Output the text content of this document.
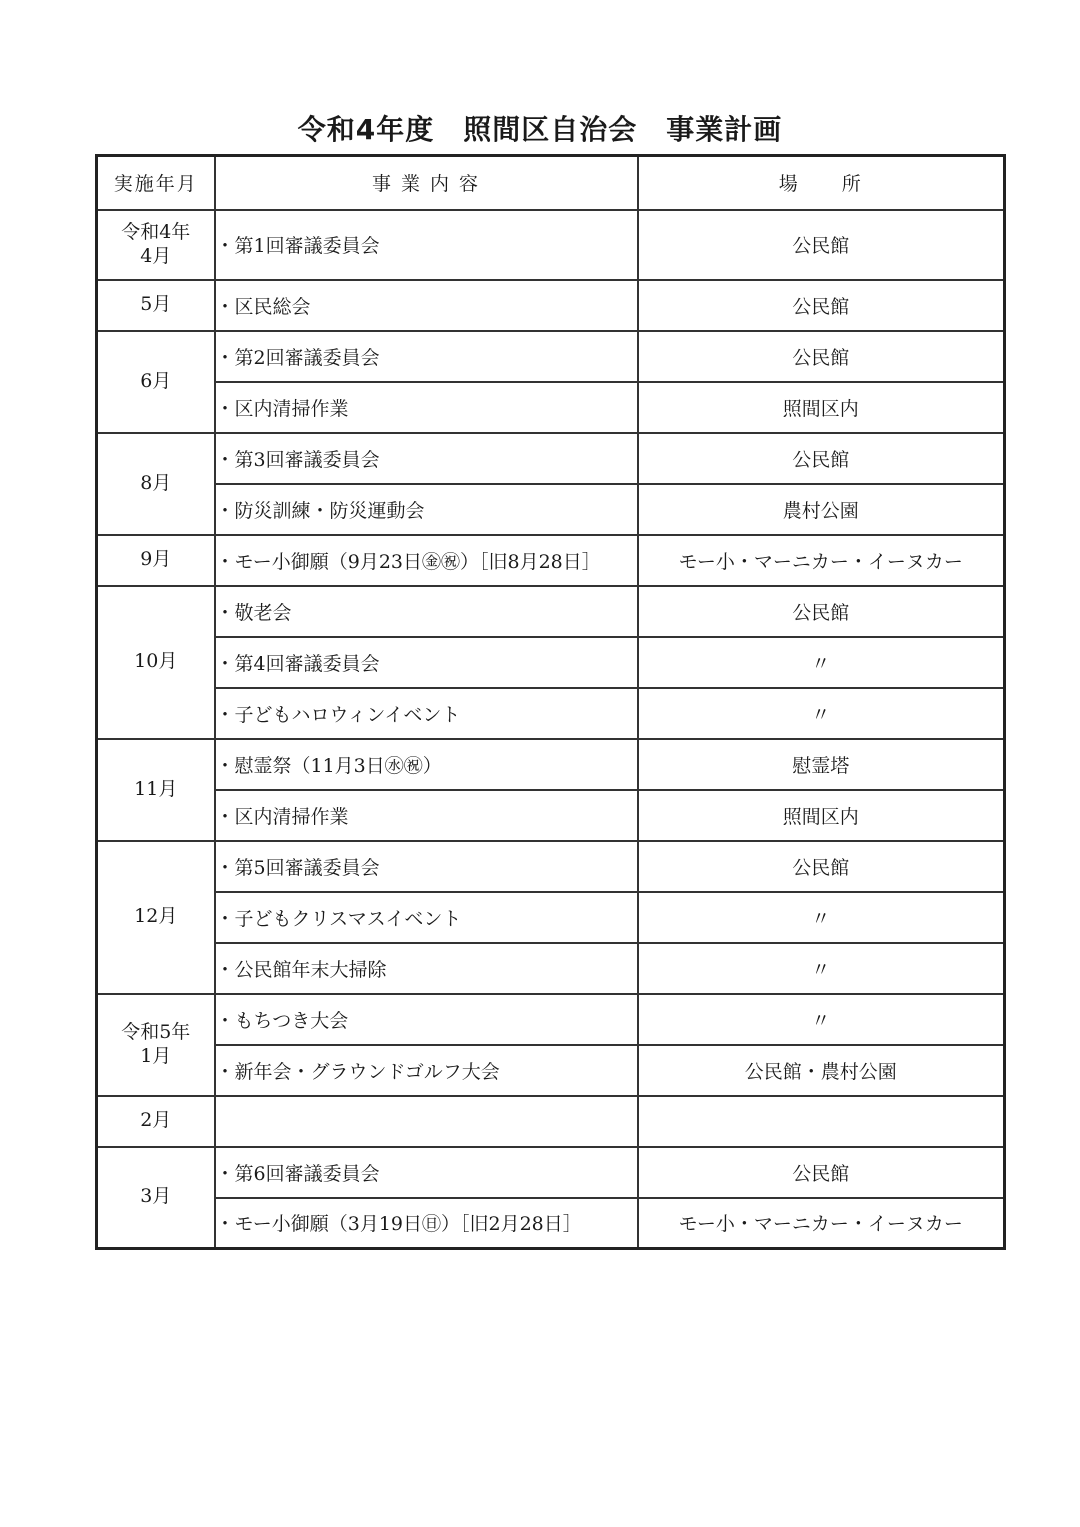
令和4年度　照間区自治会　事業計画
実施年月	事 業 内 容	場　　所

令和4年
4月	・第1回審議委員会	公民館

5月	・区民総会	公民館

6月	・第2回審議委員会	公民館
	・区内清掃作業	照間区内

8月	・第3回審議委員会	公民館
	・防災訓練・防災運動会	農村公園

9月	・モー小御願（9月23日㊎㊗）［旧8月28日］	モー小・マーニカー・イーヌカー

10月	・敬老会	公民館
	・第4回審議委員会	〃
	・子どもハロウィンイベント	〃

11月	・慰霊祭（11月3日㊌㊗）	慰霊塔
	・区内清掃作業	照間区内

12月	・第5回審議委員会	公民館
	・子どもクリスマスイベント	〃
	・公民館年末大掃除	〃

令和5年
1月	・もちつき大会	〃
	・新年会・グラウンドゴルフ大会	公民館・農村公園

2月		

3月	・第6回審議委員会	公民館
	・モー小御願（3月19日㊐）［旧2月28日］	モー小・マーニカー・イーヌカー
